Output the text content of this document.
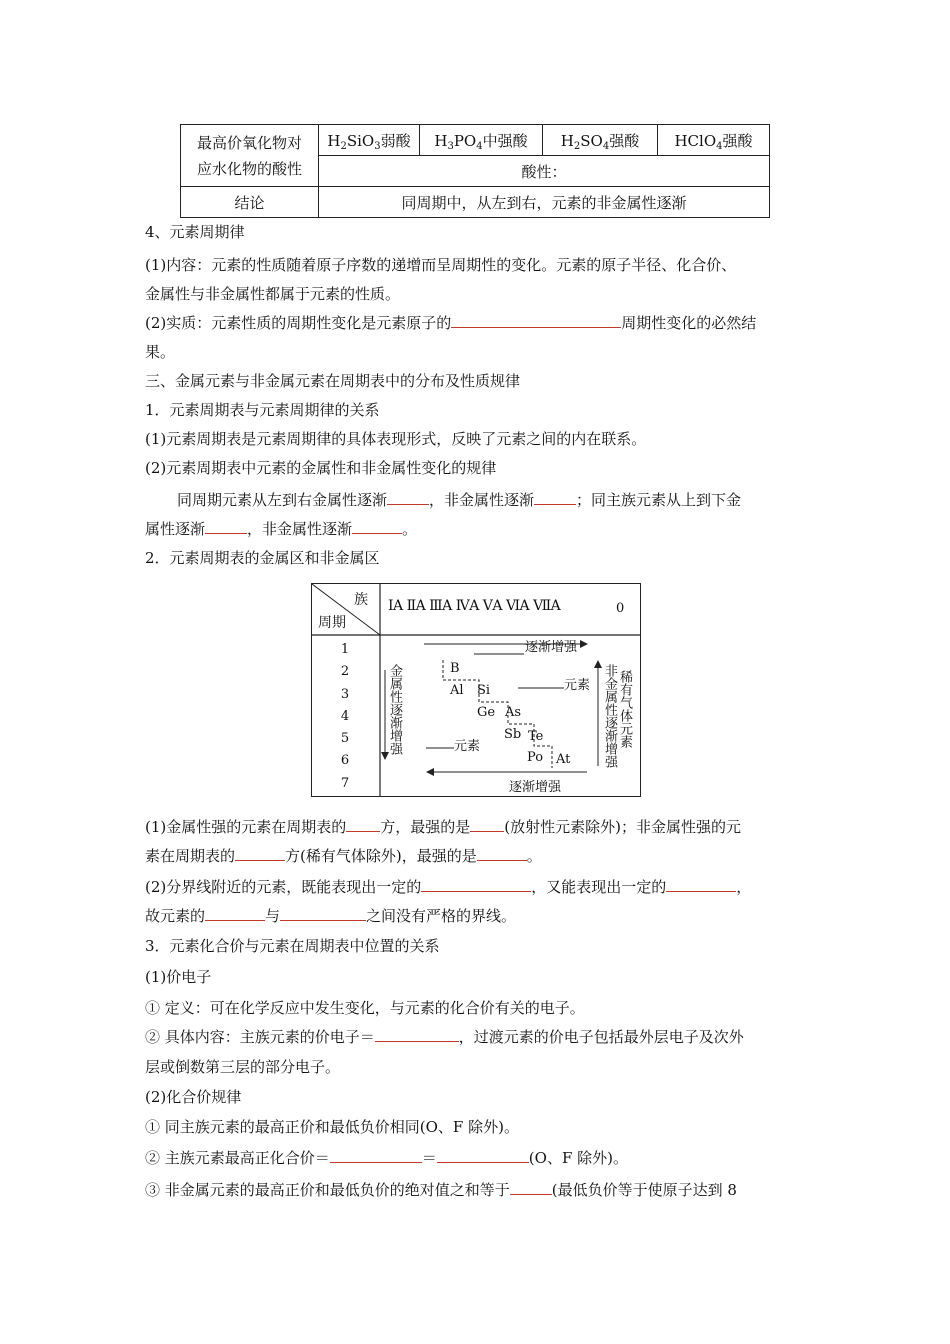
最高价氧化物对
应水化物的酸性	$H_2SiO_3$弱酸	$H_3PO_4$中强酸	$H_2SO_4$强酸	HClO$_4$强酸
	酸性：			
结论	同周期中，从左到右，元素的非金属性逐渐			
4、元素周期律
(1)内容：元素的性质随着原子序数的递增而呈周期性的变化。元素的原子半径、化合价、
金属性与非金属性都属于元素的性质。
(2)实质：元素性质的周期性变化是元素原子的	周期性变化的必然结
果。
三、金属元素与非金属元素在周期表中的分布及性质规律
1．元素周期表与元素周期律的关系
(1)元素周期表是元素周期律的具体表现形式，反映了元素之间的内在联系。
(2)元素周期表中元素的金属性和非金属性变化的规律
同周期元素从左到右金属性逐渐	，非金属性逐渐	；同主族元素从上到下金
属性逐渐	，非金属性逐渐	。
2．元素周期表的金属区和非金属区
族
周期
ⅠA ⅡA ⅢA ⅣA ⅤA ⅥA ⅦA	0
1
2
3
4
5
6
7
逐渐增强
逐渐增强
金属性逐渐增强	非金属性逐渐增强 稀有气体元素
B
Al Si
Ge As
Sb Te
Po At
元素
元素
(1)金属性强的元素在周期表的 方，最强的是 (放射性元素除外)；非金属性强的元
素在周期表的	方(稀有气体除外)，最强的是	。
(2)分界线附近的元素，既能表现出一定的	，又能表现出一定的	，
故元素的	与	之间没有严格的界线。
3．元素化合价与元素在周期表中位置的关系
(1)价电子
① 定义：可在化学反应中发生变化，与元素的化合价有关的电子。
② 具体内容：主族元素的价电子＝	，过渡元素的价电子包括最外层电子及次外
层或倒数第三层的部分电子。
(2)化合价规律
① 同主族元素的最高正价和最低负价相同(O、F 除外)。
② 主族元素最高正化合价＝	＝	(O、F 除外)。
③ 非金属元素的最高正价和最低负价的绝对值之和等于	(最低负价等于使原子达到 8
